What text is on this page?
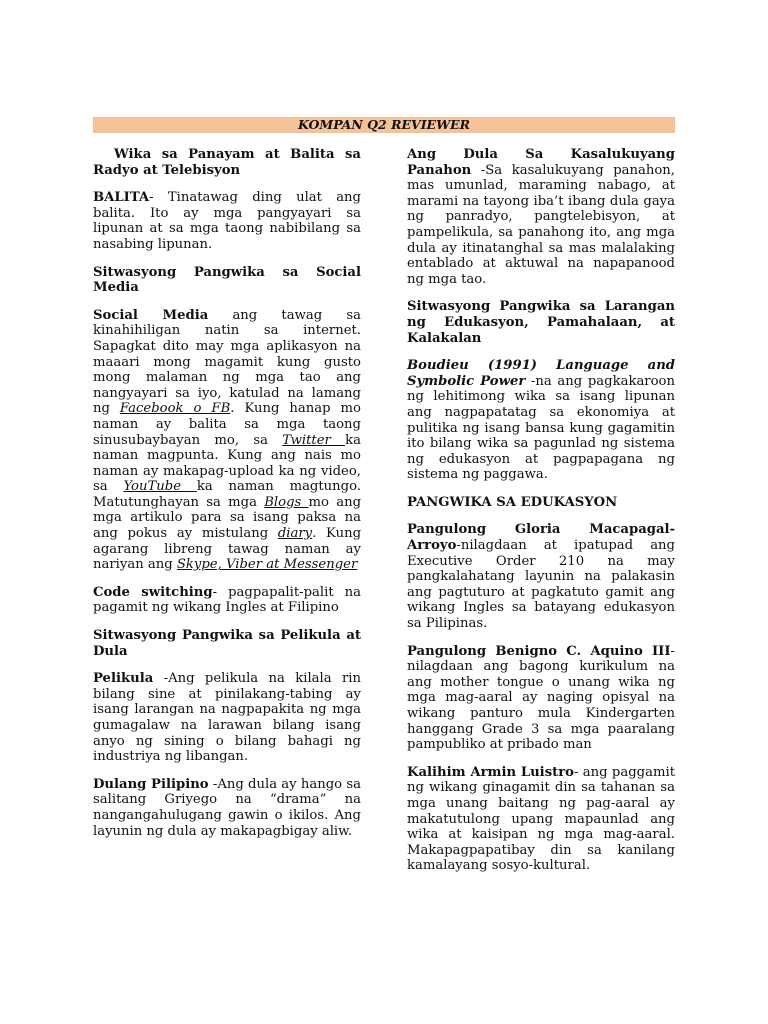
KOMPAN Q2 REVIEWER

Wika sa Panayam at Balita sa Radyo at Telebisyon

BALITA- Tinatawag ding ulat ang balita. Ito ay mga pangyayari sa lipunan at sa mga taong nabibilang sa nasabing lipunan.

Sitwasyong Pangwika sa Social Media

Social Media ang tawag sa kinahihiligan natin sa internet. Sapagkat dito may mga aplikasyon na maaari mong magamit kung gusto mong malaman ng mga tao ang nangyayari sa iyo, katulad na lamang ng Facebook o FB. Kung hanap mo naman ay balita sa mga taong sinusubaybayan mo, sa Twitter ka naman magpunta. Kung ang nais mo naman ay makapag-upload ka ng video, sa YouTube ka naman magtungo. Matutunghayan sa mga Blogs mo ang mga artikulo para sa isang paksa na ang pokus ay mistulang diary. Kung agarang libreng tawag naman ay nariyan ang Skype, Viber at Messenger

Code switching- pagpapalit-palit na pagamit ng wikang Ingles at Filipino

Sitwasyong Pangwika sa Pelikula at Dula

Pelikula -Ang pelikula na kilala rin bilang sine at pinilakang-tabing ay isang larangan na nagpapakita ng mga gumagalaw na larawan bilang isang anyo ng sining o bilang bahagi ng industriya ng libangan.

Dulang Pilipino -Ang dula ay hango sa salitang Griyego na “drama” na nangangahulugang gawin o ikilos. Ang layunin ng dula ay makapagbigay aliw.

Ang Dula Sa Kasalukuyang Panahon -Sa kasalukuyang panahon, mas umunlad, maraming nabago, at marami na tayong iba’t ibang dula gaya ng panradyo, pangtelebisyon, at pampelikula, sa panahong ito, ang mga dula ay itinatanghal sa mas malalaking entablado at aktuwal na napapanood ng mga tao.

Sitwasyong Pangwika sa Larangan ng Edukasyon, Pamahalaan, at Kalakalan

Boudieu (1991) Language and Symbolic Power -na ang pagkakaroon ng lehitimong wika sa isang lipunan ang nagpapatatag sa ekonomiya at pulitika ng isang bansa kung gagamitin ito bilang wika sa pagunlad ng sistema ng edukasyon at pagpapagana ng sistema ng paggawa.

PANGWIKA SA EDUKASYON

Pangulong Gloria Macapagal-Arroyo-nilagdaan at ipatupad ang Executive Order 210 na may pangkalahatang layunin na palakasin ang pagtuturo at pagkatuto gamit ang wikang Ingles sa batayang edukasyon sa Pilipinas.

Pangulong Benigno C. Aquino III-nilagdaan ang bagong kurikulum na ang mother tongue o unang wika ng mga mag-aaral ay naging opisyal na wikang panturo mula Kindergarten hanggang Grade 3 sa mga paaralang pampubliko at pribado man

Kalihim Armin Luistro- ang paggamit ng wikang ginagamit din sa tahanan sa mga unang baitang ng pag-aaral ay makatutulong upang mapaunlad ang wika at kaisipan ng mga mag-aaral. Makapagpapatibay din sa kanilang kamalayang sosyo-kultural.
